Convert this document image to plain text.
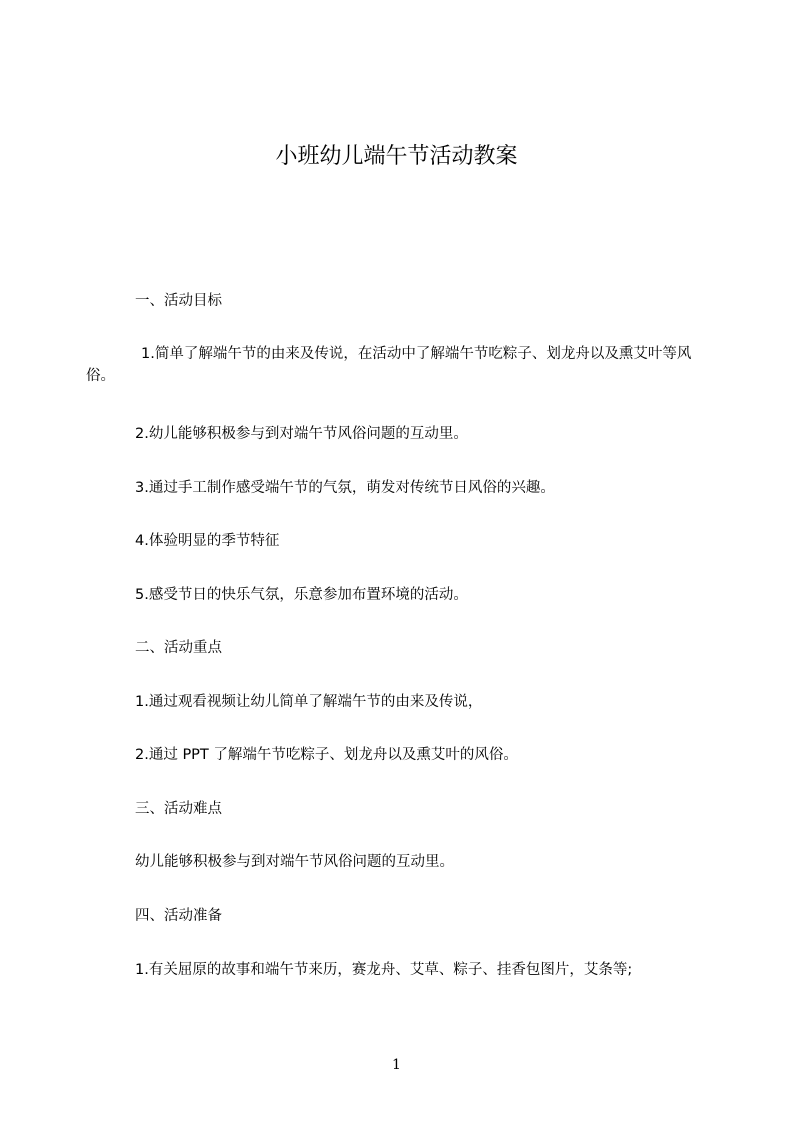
小班幼儿端午节活动教案

一、活动目标

1.简单了解端午节的由来及传说，在活动中了解端午节吃粽子、划龙舟以及熏艾叶等风俗。

2.幼儿能够积极参与到对端午节风俗问题的互动里。

3.通过手工制作感受端午节的气氛，萌发对传统节日风俗的兴趣。

4.体验明显的季节特征

5.感受节日的快乐气氛，乐意参加布置环境的活动。

二、活动重点

1.通过观看视频让幼儿简单了解端午节的由来及传说，

2.通过 PPT 了解端午节吃粽子、划龙舟以及熏艾叶的风俗。

三、活动难点

幼儿能够积极参与到对端午节风俗问题的互动里。

四、活动准备

1.有关屈原的故事和端午节来历，赛龙舟、艾草、粽子、挂香包图片，艾条等;

1
